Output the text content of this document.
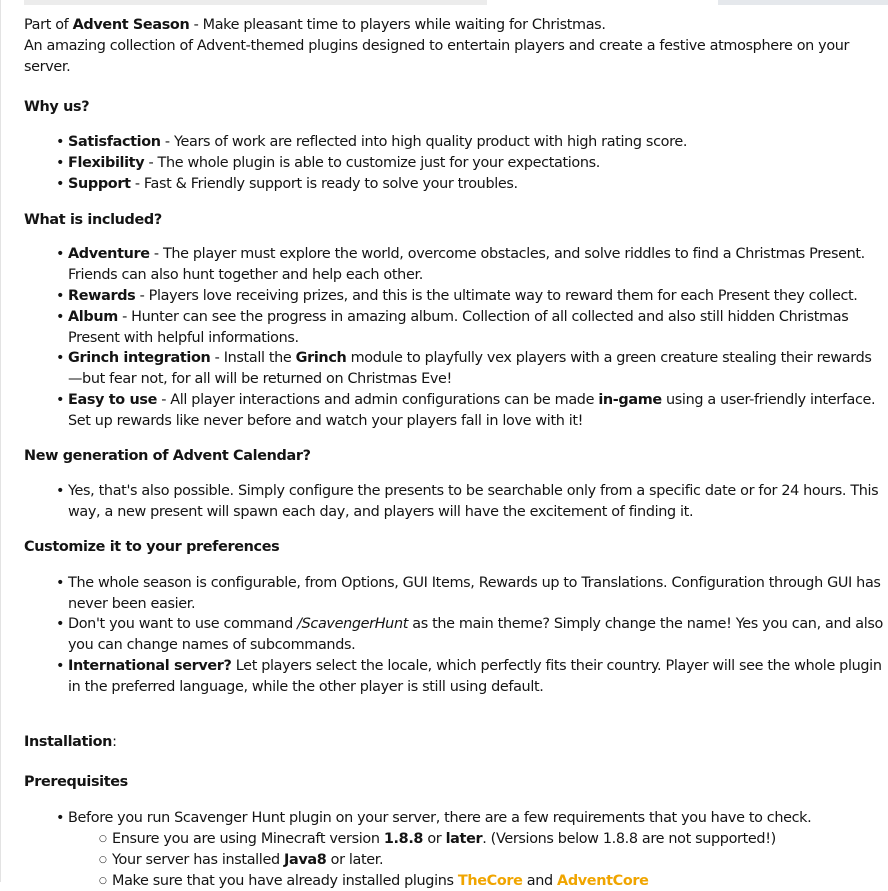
Part of Advent Season - Make pleasant time to players while waiting for Christmas.

An amazing collection of Advent-themed plugins designed to entertain players and create a festive atmosphere on your server.

Why us?
• Satisfaction - Years of work are reflected into high quality product with high rating score.
• Flexibility - The whole plugin is able to customize just for your expectations.
• Support - Fast & Friendly support is ready to solve your troubles.
What is included?
• Adventure - The player must explore the world, overcome obstacles, and solve riddles to find a Christmas Present. Friends can also hunt together and help each other.
• Rewards - Players love receiving prizes, and this is the ultimate way to reward them for each Present they collect.
• Album - Hunter can see the progress in amazing album. Collection of all collected and also still hidden Christmas Present with helpful informations.
• Grinch integration - Install the Grinch module to playfully vex players with a green creature stealing their rewards—but fear not, for all will be returned on Christmas Eve!
• Easy to use - All player interactions and admin configurations can be made in-game using a user-friendly interface. Set up rewards like never before and watch your players fall in love with it!
New generation of Advent Calendar?
• Yes, that's also possible. Simply configure the presents to be searchable only from a specific date or for 24 hours. This way, a new present will spawn each day, and players will have the excitement of finding it.
Customize it to your preferences
• The whole season is configurable, from Options, GUI Items, Rewards up to Translations. Configuration through GUI has never been easier.
• Don't you want to use command /ScavengerHunt as the main theme? Simply change the name! Yes you can, and also you can change names of subcommands.
• International server? Let players select the locale, which perfectly fits their country. Player will see the whole plugin in the preferred language, while the other player is still using default.

Installation:

Prerequisites
• Before you run Scavenger Hunt plugin on your server, there are a few requirements that you have to check.
○ Ensure you are using Minecraft version 1.8.8 or later. (Versions below 1.8.8 are not supported!)
○ Your server has installed Java8 or later.
○ Make sure that you have already installed plugins TheCore and AdventCore
